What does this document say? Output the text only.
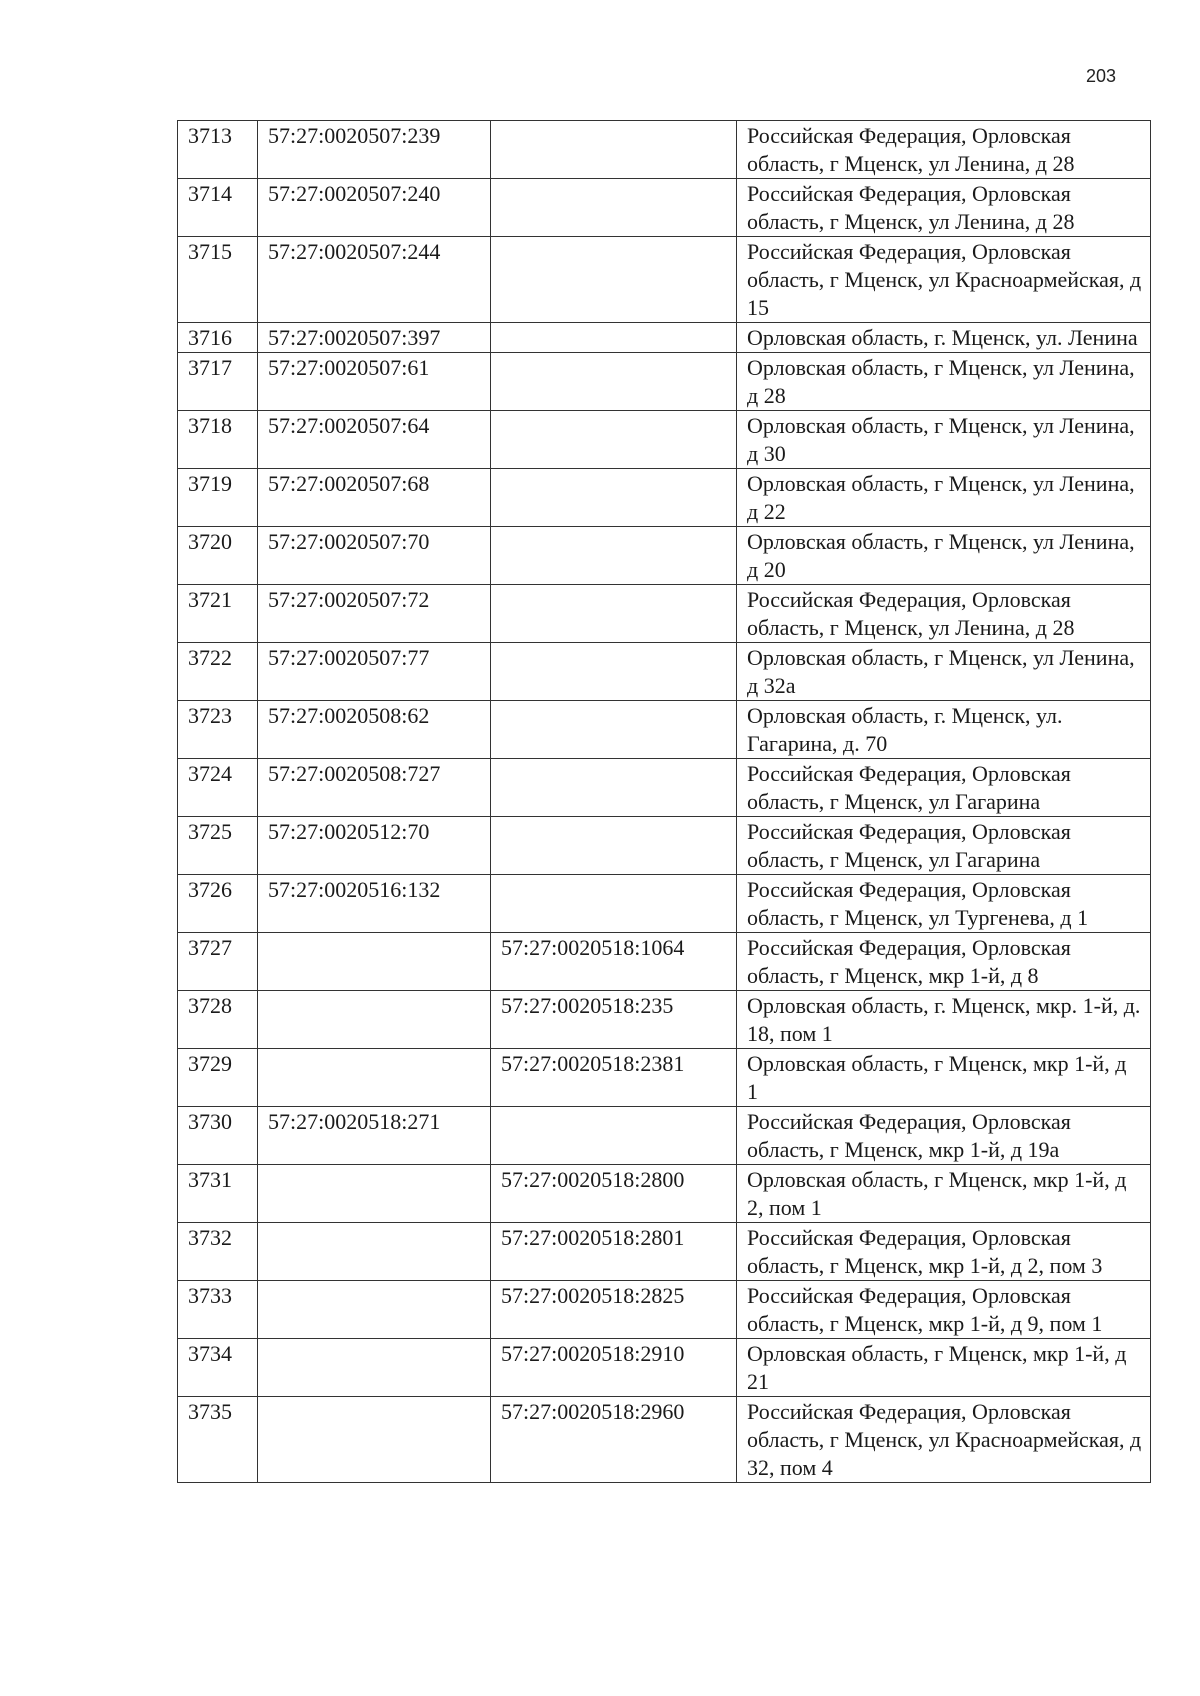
203
3713	57:27:0020507:239		Российская Федерация, Орловская область, г Мценск, ул Ленина, д 28
3714	57:27:0020507:240		Российская Федерация, Орловская область, г Мценск, ул Ленина, д 28
3715	57:27:0020507:244		Российская Федерация, Орловская область, г Мценск, ул Красноармейская, д 15
3716	57:27:0020507:397		Орловская область, г. Мценск, ул. Ленина
3717	57:27:0020507:61		Орловская область, г Мценск, ул Ленина, д 28
3718	57:27:0020507:64		Орловская область, г Мценск, ул Ленина, д 30
3719	57:27:0020507:68		Орловская область, г Мценск, ул Ленина, д 22
3720	57:27:0020507:70		Орловская область, г Мценск, ул Ленина, д 20
3721	57:27:0020507:72		Российская Федерация, Орловская область, г Мценск, ул Ленина, д 28
3722	57:27:0020507:77		Орловская область, г Мценск, ул Ленина, д 32а
3723	57:27:0020508:62		Орловская область, г. Мценск, ул. Гагарина, д. 70
3724	57:27:0020508:727		Российская Федерация, Орловская область, г Мценск, ул Гагарина
3725	57:27:0020512:70		Российская Федерация, Орловская область, г Мценск, ул Гагарина
3726	57:27:0020516:132		Российская Федерация, Орловская область, г Мценск, ул Тургенева, д 1
3727		57:27:0020518:1064	Российская Федерация, Орловская область, г Мценск, мкр 1-й, д 8
3728		57:27:0020518:235	Орловская область, г. Мценск, мкр. 1-й, д. 18, пом 1
3729		57:27:0020518:2381	Орловская область, г Мценск, мкр 1-й, д 1
3730	57:27:0020518:271		Российская Федерация, Орловская область, г Мценск, мкр 1-й, д 19а
3731		57:27:0020518:2800	Орловская область, г Мценск, мкр 1-й, д 2, пом 1
3732		57:27:0020518:2801	Российская Федерация, Орловская область, г Мценск, мкр 1-й, д 2, пом 3
3733		57:27:0020518:2825	Российская Федерация, Орловская область, г Мценск, мкр 1-й, д 9, пом 1
3734		57:27:0020518:2910	Орловская область, г Мценск, мкр 1-й, д 21
3735		57:27:0020518:2960	Российская Федерация, Орловская область, г Мценск, ул Красноармейская, д 32, пом 4
